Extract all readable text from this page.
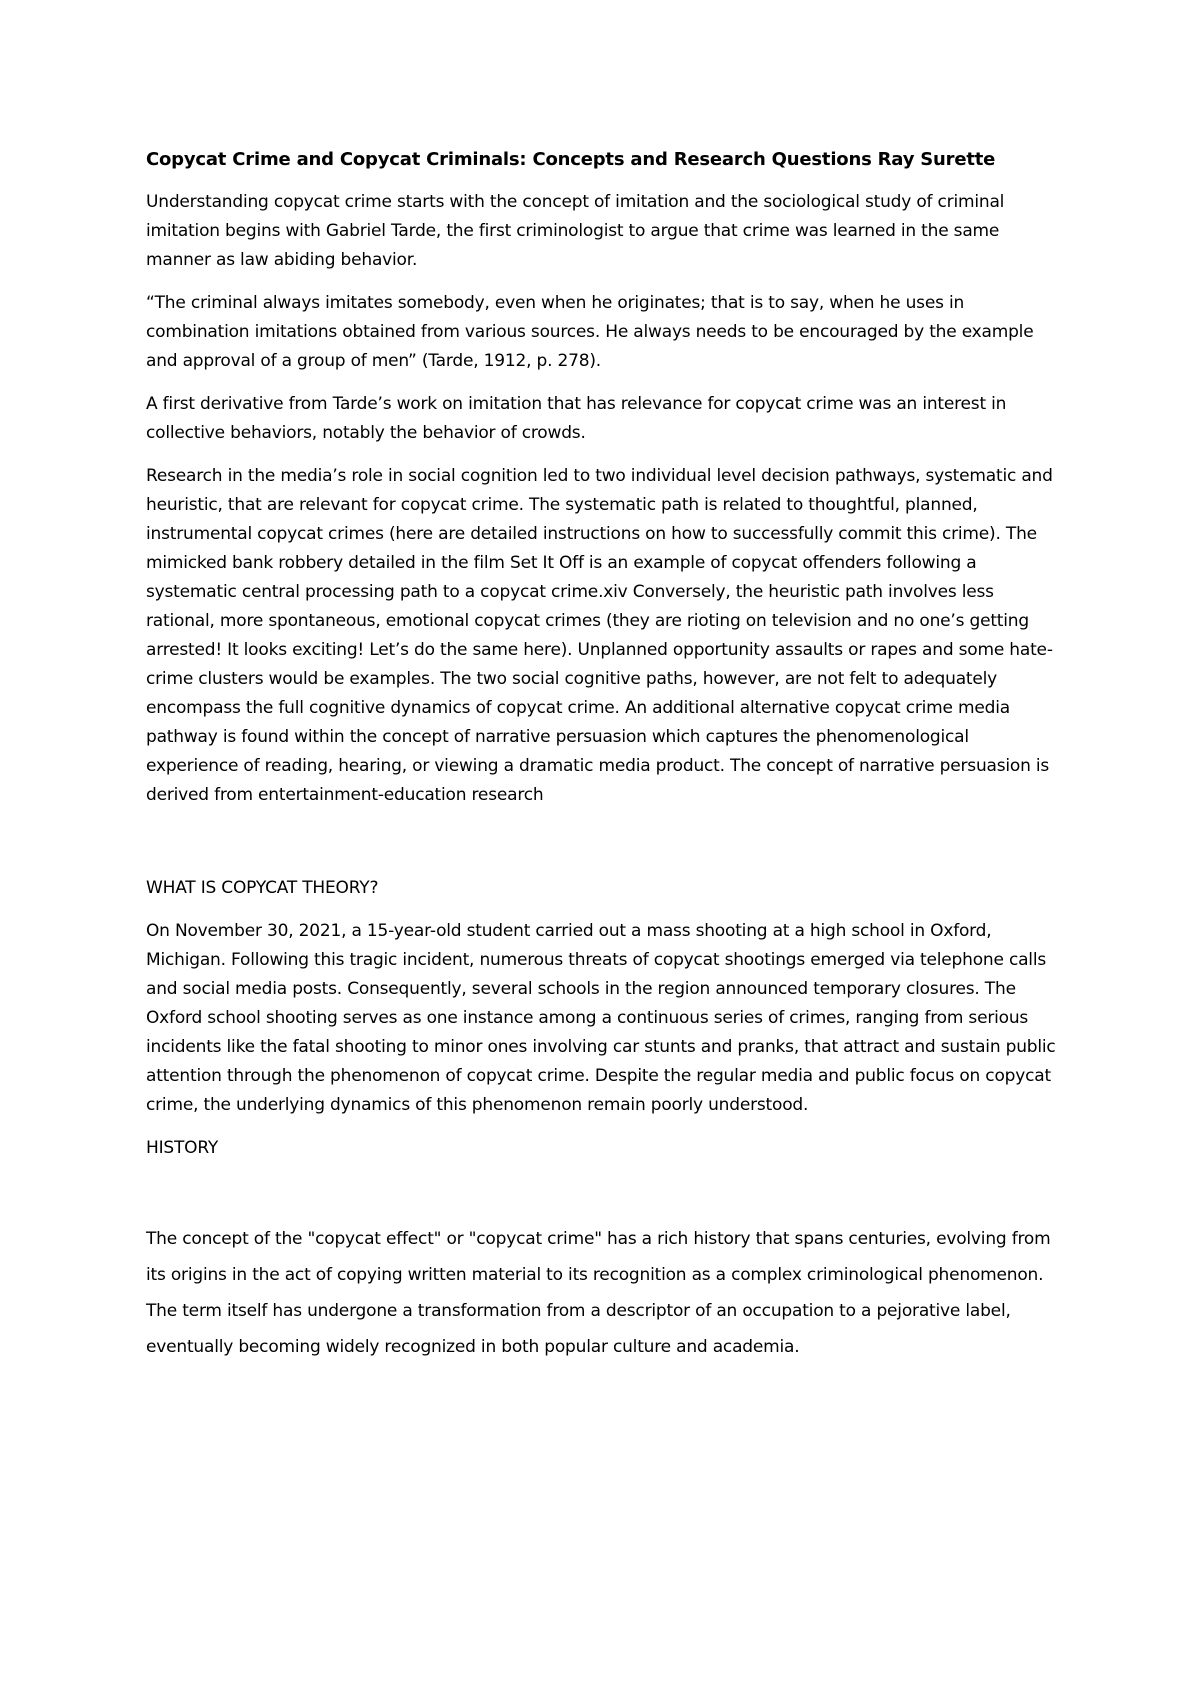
Copycat Crime and Copycat Criminals: Concepts and Research Questions Ray Surette

Understanding copycat crime starts with the concept of imitation and the sociological study of criminal imitation begins with Gabriel Tarde, the first criminologist to argue that crime was learned in the same manner as law abiding behavior.

“The criminal always imitates somebody, even when he originates; that is to say, when he uses in combination imitations obtained from various sources. He always needs to be encouraged by the example and approval of a group of men” (Tarde, 1912, p. 278).

A first derivative from Tarde’s work on imitation that has relevance for copycat crime was an interest in collective behaviors, notably the behavior of crowds.

Research in the media’s role in social cognition led to two individual level decision pathways, systematic and heuristic, that are relevant for copycat crime. The systematic path is related to thoughtful, planned, instrumental copycat crimes (here are detailed instructions on how to successfully commit this crime). The mimicked bank robbery detailed in the film Set It Off is an example of copycat offenders following a systematic central processing path to a copycat crime.xiv Conversely, the heuristic path involves less rational, more spontaneous, emotional copycat crimes (they are rioting on television and no one’s getting arrested! It looks exciting! Let’s do the same here). Unplanned opportunity assaults or rapes and some hate-crime clusters would be examples. The two social cognitive paths, however, are not felt to adequately encompass the full cognitive dynamics of copycat crime. An additional alternative copycat crime media pathway is found within the concept of narrative persuasion which captures the phenomenological experience of reading, hearing, or viewing a dramatic media product. The concept of narrative persuasion is derived from entertainment-education research

WHAT IS COPYCAT THEORY?

On November 30, 2021, a 15-year-old student carried out a mass shooting at a high school in Oxford, Michigan. Following this tragic incident, numerous threats of copycat shootings emerged via telephone calls and social media posts. Consequently, several schools in the region announced temporary closures. The Oxford school shooting serves as one instance among a continuous series of crimes, ranging from serious incidents like the fatal shooting to minor ones involving car stunts and pranks, that attract and sustain public attention through the phenomenon of copycat crime. Despite the regular media and public focus on copycat crime, the underlying dynamics of this phenomenon remain poorly understood.

HISTORY

The concept of the "copycat effect" or "copycat crime" has a rich history that spans centuries, evolving from its origins in the act of copying written material to its recognition as a complex criminological phenomenon. The term itself has undergone a transformation from a descriptor of an occupation to a pejorative label, eventually becoming widely recognized in both popular culture and academia.
